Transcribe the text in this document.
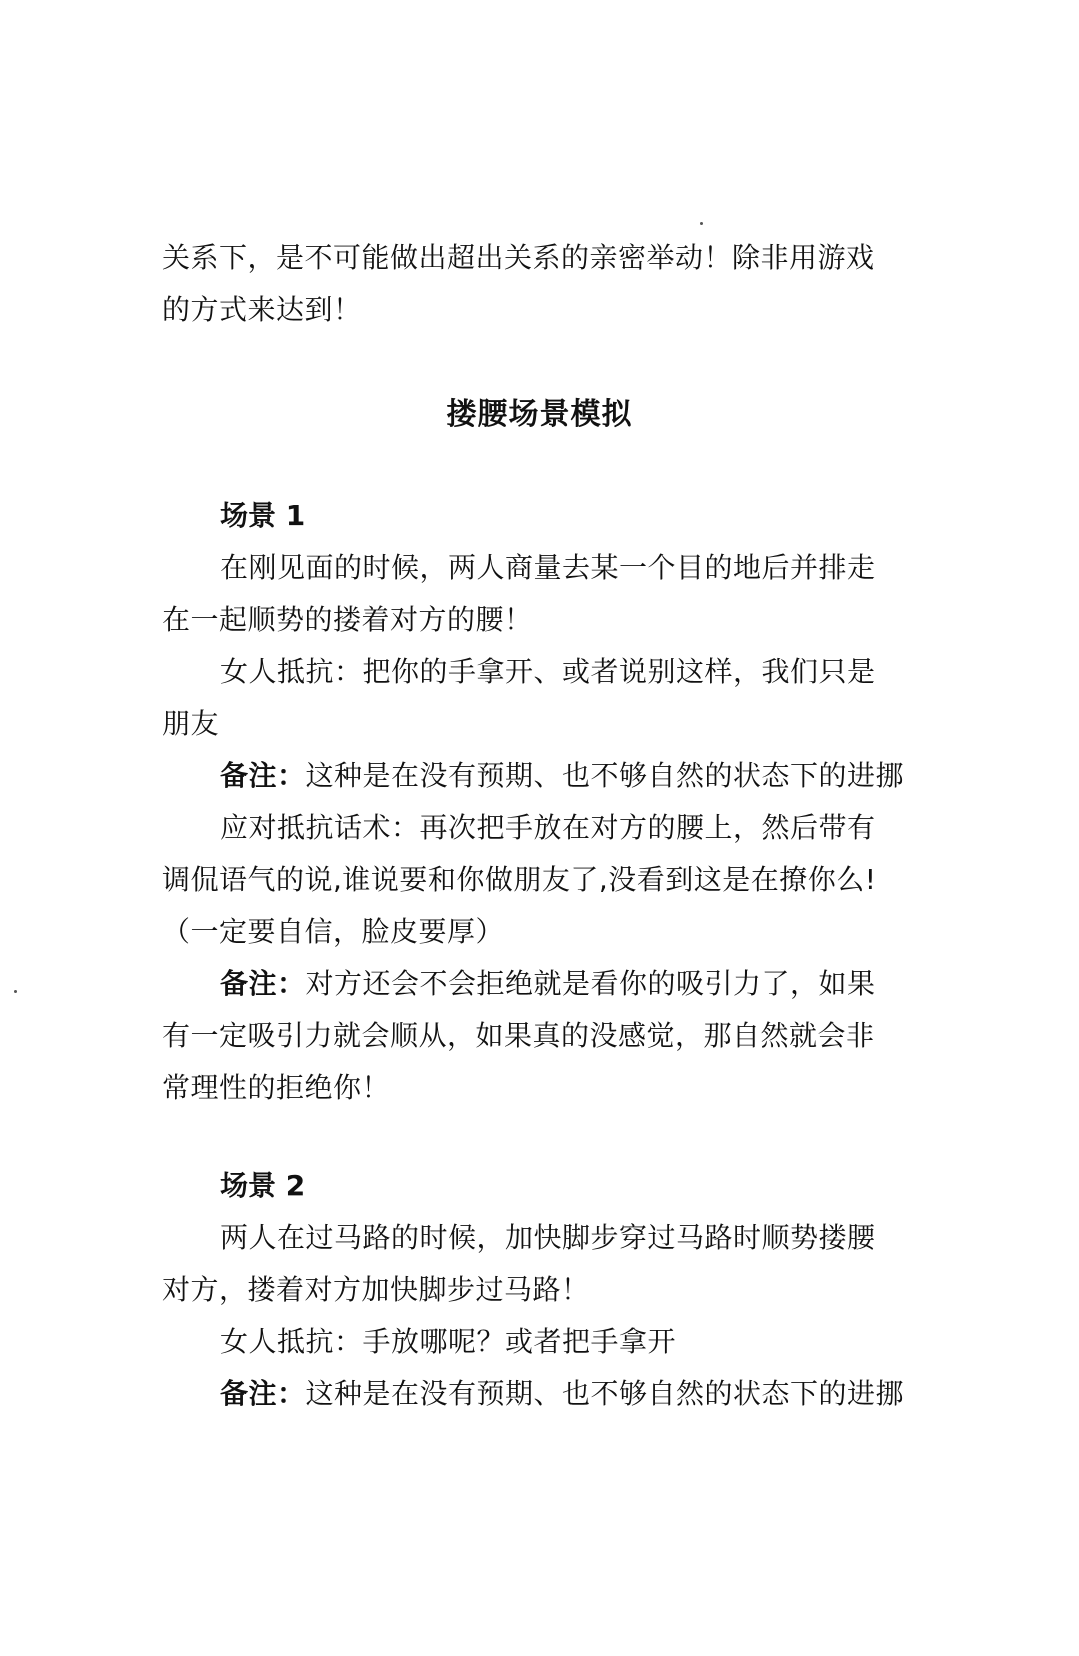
关系下，是不可能做出超出关系的亲密举动！除非用游戏
的方式来达到！
搂腰场景模拟
场景 1
在刚见面的时候，两人商量去某一个目的地后并排走
在一起顺势的搂着对方的腰！
女人抵抗：把你的手拿开、或者说别这样，我们只是
朋友
备注：这种是在没有预期、也不够自然的状态下的进挪
应对抵抗话术：再次把手放在对方的腰上，然后带有
调侃语气的说,谁说要和你做朋友了,没看到这是在撩你么!
（一定要自信，脸皮要厚）
备注：对方还会不会拒绝就是看你的吸引力了，如果
有一定吸引力就会顺从，如果真的没感觉，那自然就会非
常理性的拒绝你！
场景 2
两人在过马路的时候，加快脚步穿过马路时顺势搂腰
对方，搂着对方加快脚步过马路！
女人抵抗：手放哪呢？或者把手拿开
备注：这种是在没有预期、也不够自然的状态下的进挪
